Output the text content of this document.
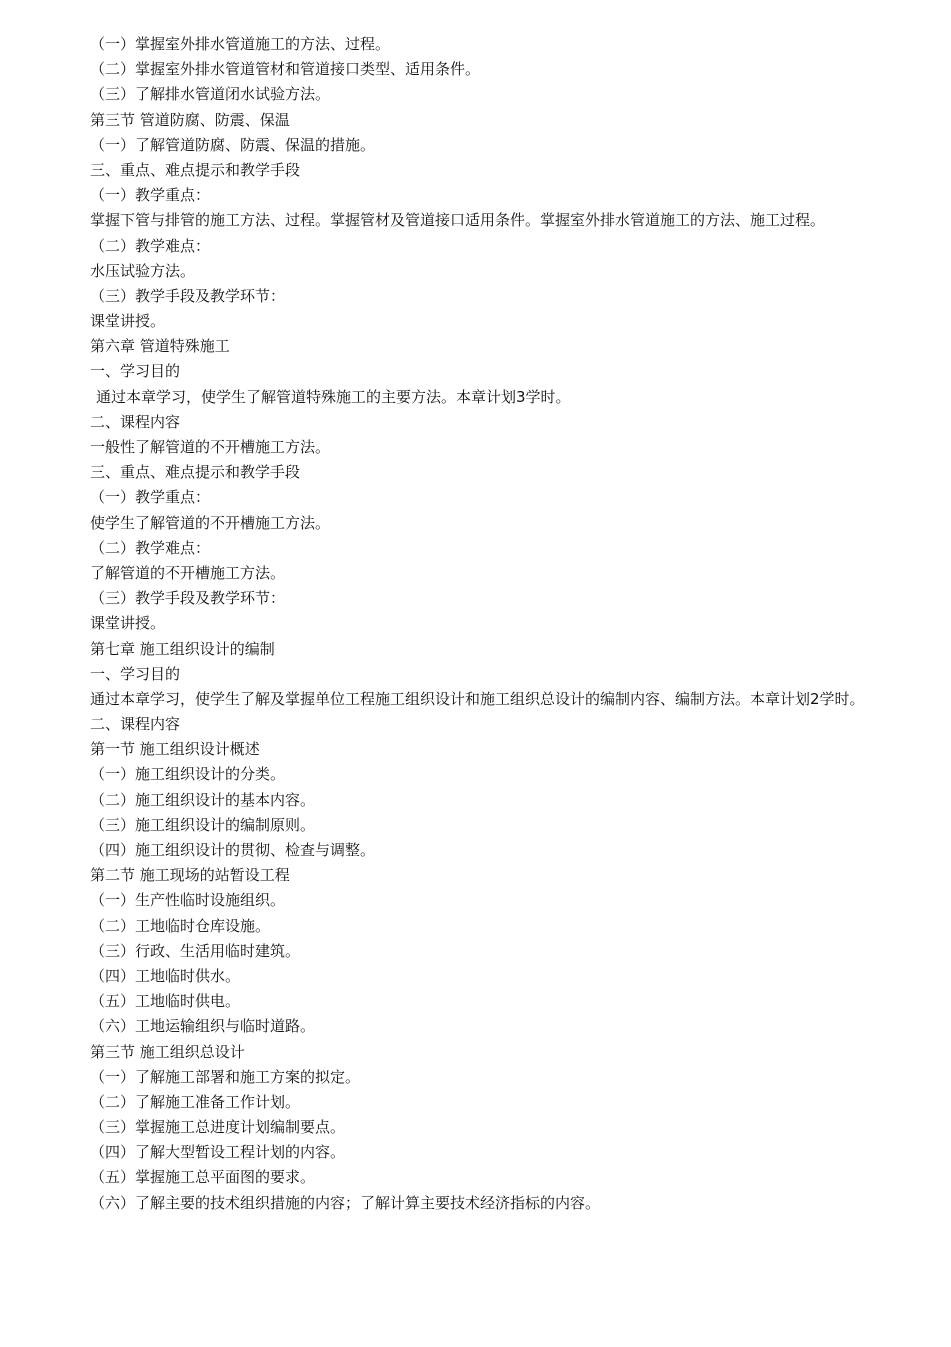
（一）掌握室外排水管道施工的方法、过程。
（二）掌握室外排水管道管材和管道接口类型、适用条件。
（三）了解排水管道闭水试验方法。
第三节 管道防腐、防震、保温
（一）了解管道防腐、防震、保温的措施。
三、重点、难点提示和教学手段
（一）教学重点：
掌握下管与排管的施工方法、过程。掌握管材及管道接口适用条件。掌握室外排水管道施工的方法、施工过程。
（二）教学难点：
水压试验方法。
（三）教学手段及教学环节：
课堂讲授。
第六章 管道特殊施工
一、学习目的
通过本章学习，使学生了解管道特殊施工的主要方法。本章计划3学时。
二、课程内容
一般性了解管道的不开槽施工方法。
三、重点、难点提示和教学手段
（一）教学重点：
使学生了解管道的不开槽施工方法。
（二）教学难点：
了解管道的不开槽施工方法。
（三）教学手段及教学环节：
课堂讲授。
第七章 施工组织设计的编制
一、学习目的
通过本章学习，使学生了解及掌握单位工程施工组织设计和施工组织总设计的编制内容、编制方法。本章计划2学时。
二、课程内容
第一节 施工组织设计概述
（一）施工组织设计的分类。
（二）施工组织设计的基本内容。
（三）施工组织设计的编制原则。
（四）施工组织设计的贯彻、检查与调整。
第二节 施工现场的站暂设工程
（一）生产性临时设施组织。
（二）工地临时仓库设施。
（三）行政、生活用临时建筑。
（四）工地临时供水。
（五）工地临时供电。
（六）工地运输组织与临时道路。
第三节 施工组织总设计
（一）了解施工部署和施工方案的拟定。
（二）了解施工准备工作计划。
（三）掌握施工总进度计划编制要点。
（四）了解大型暂设工程计划的内容。
（五）掌握施工总平面图的要求。
（六）了解主要的技术组织措施的内容；了解计算主要技术经济指标的内容。
